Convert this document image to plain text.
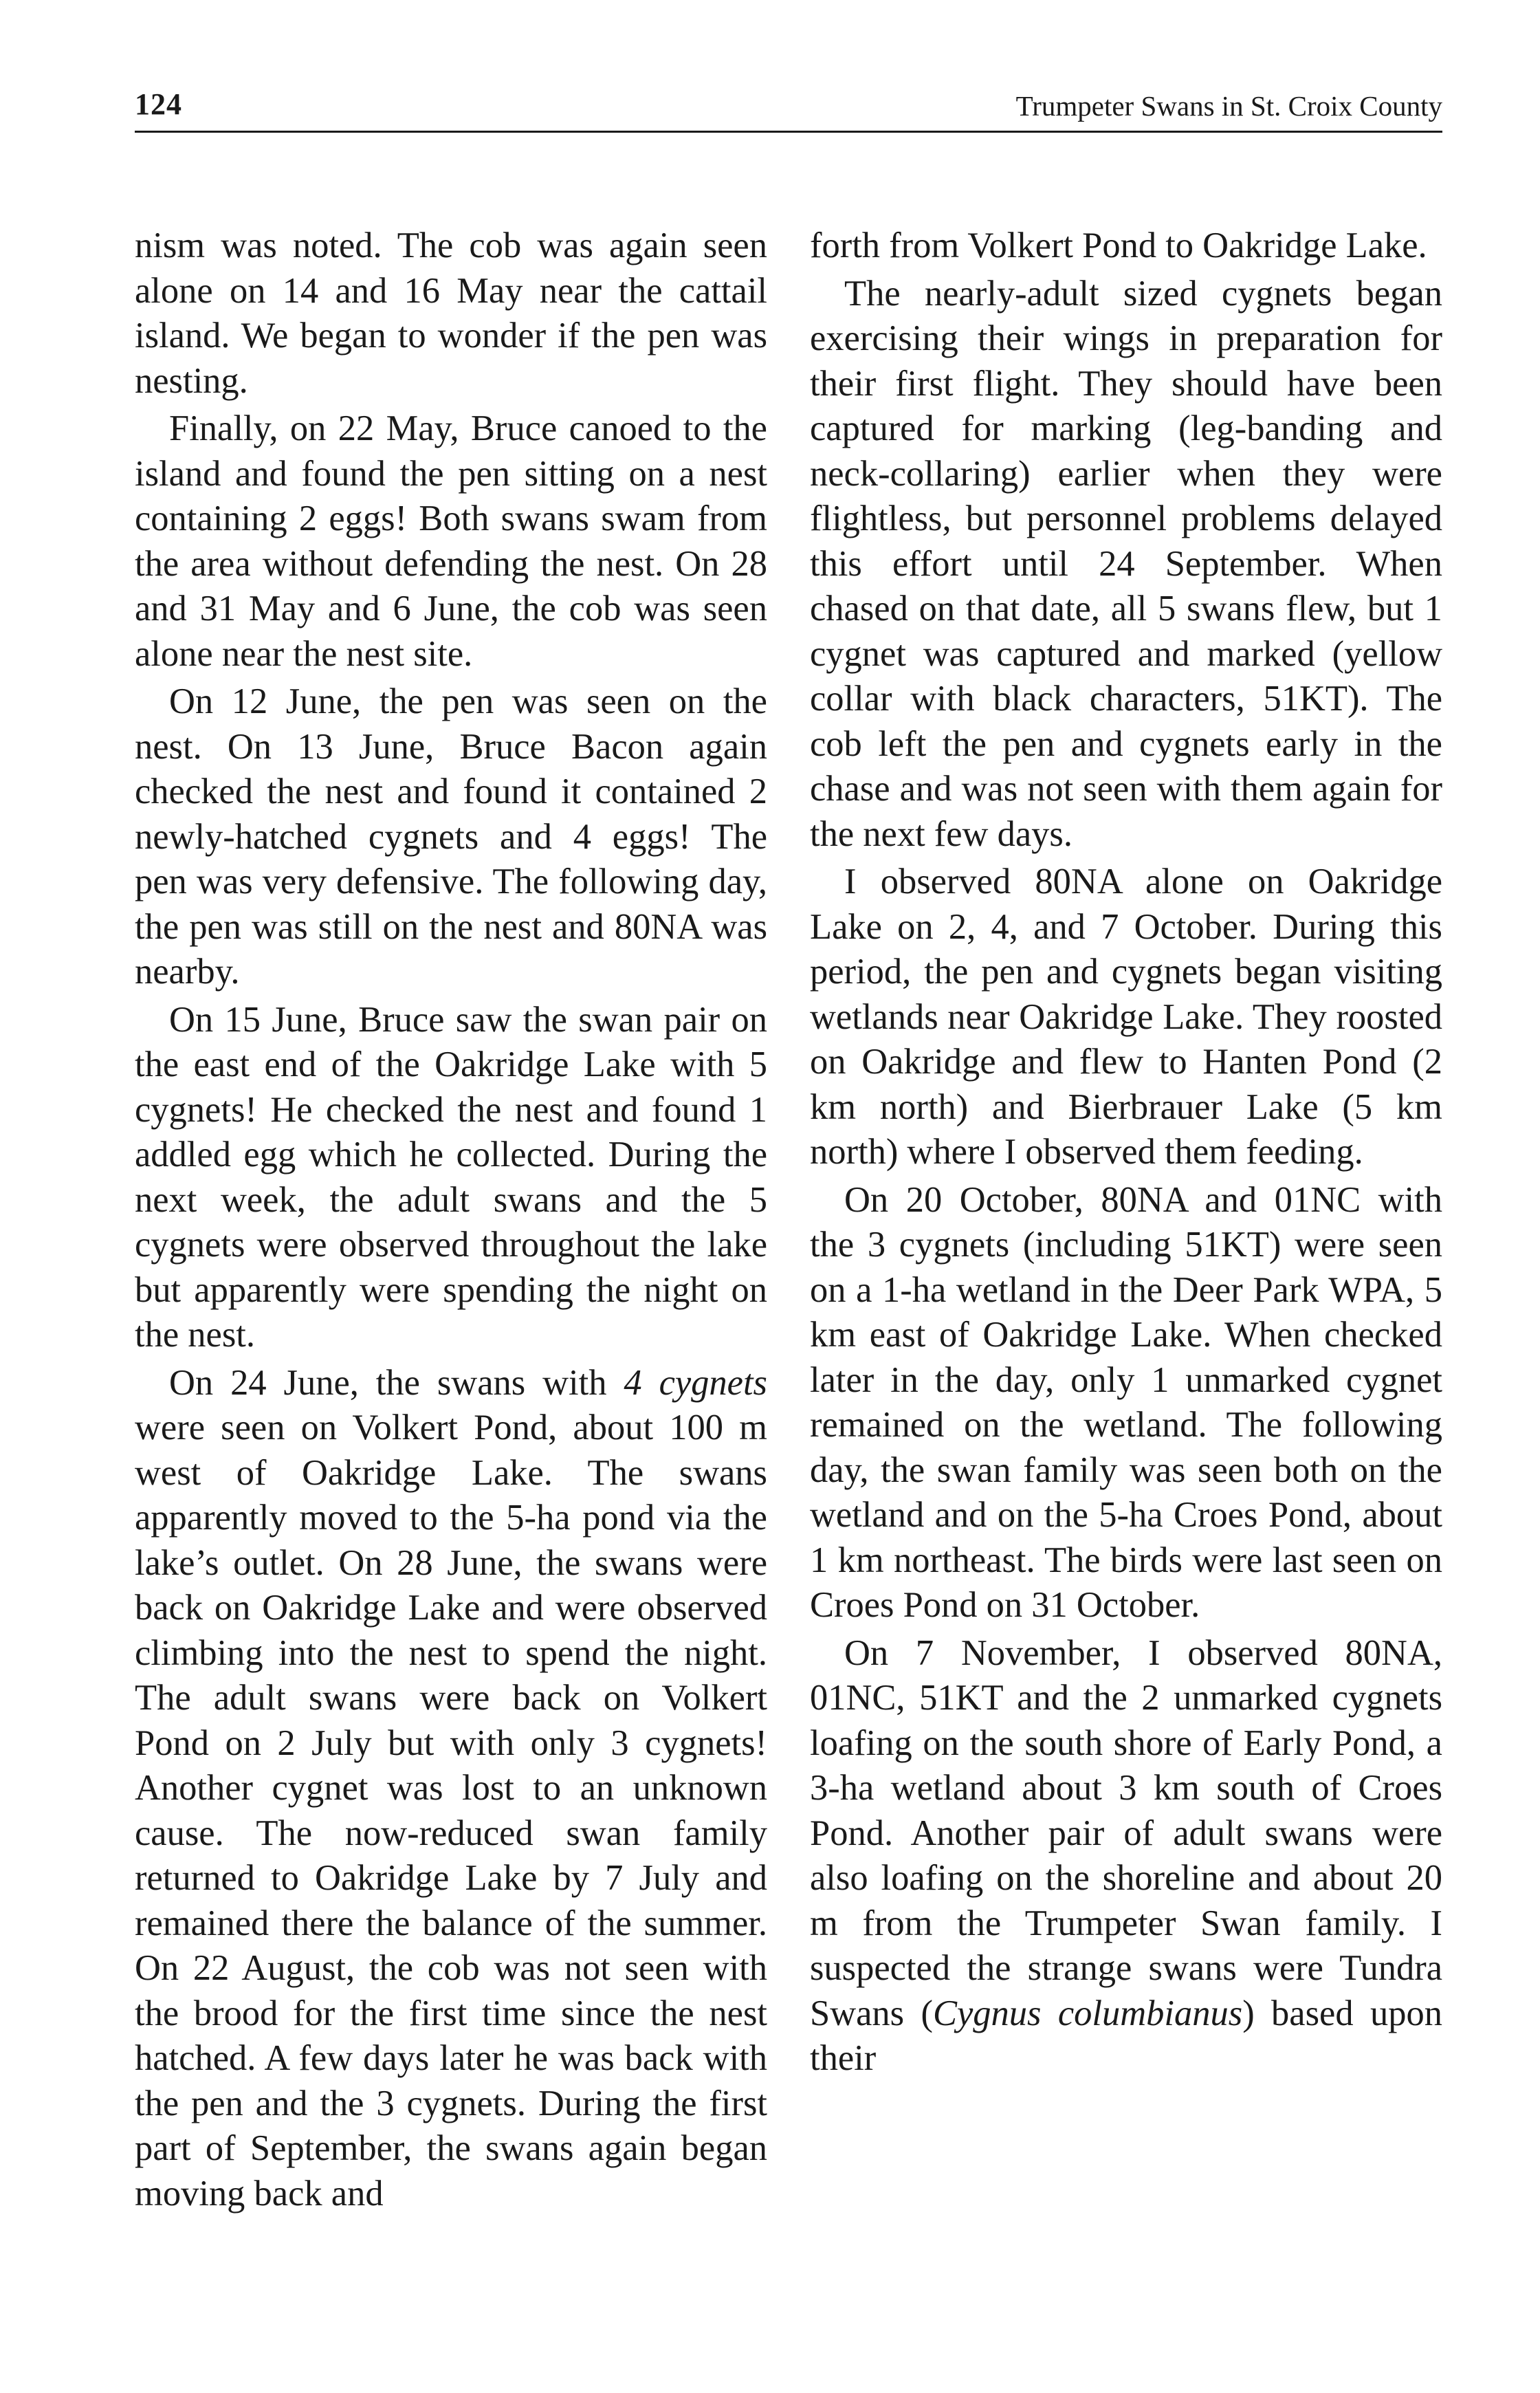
124	Trumpeter Swans in St. Croix County

nism was noted. The cob was again seen alone on 14 and 16 May near the cattail island. We began to wonder if the pen was nesting.

Finally, on 22 May, Bruce canoed to the island and found the pen sitting on a nest containing 2 eggs! Both swans swam from the area without defending the nest. On 28 and 31 May and 6 June, the cob was seen alone near the nest site.

On 12 June, the pen was seen on the nest. On 13 June, Bruce Bacon again checked the nest and found it contained 2 newly-hatched cygnets and 4 eggs! The pen was very defensive. The following day, the pen was still on the nest and 80NA was nearby.

On 15 June, Bruce saw the swan pair on the east end of the Oakridge Lake with 5 cygnets! He checked the nest and found 1 addled egg which he collected. During the next week, the adult swans and the 5 cygnets were observed throughout the lake but apparently were spending the night on the nest.

On 24 June, the swans with 4 cygnets were seen on Volkert Pond, about 100 m west of Oakridge Lake. The swans apparently moved to the 5-ha pond via the lake’s outlet. On 28 June, the swans were back on Oakridge Lake and were observed climbing into the nest to spend the night. The adult swans were back on Volkert Pond on 2 July but with only 3 cygnets! Another cygnet was lost to an unknown cause. The now-reduced swan family returned to Oakridge Lake by 7 July and remained there the balance of the summer. On 22 August, the cob was not seen with the brood for the first time since the nest hatched. A few days later he was back with the pen and the 3 cygnets. During the first part of September, the swans again began moving back and

forth from Volkert Pond to Oakridge Lake.

The nearly-adult sized cygnets began exercising their wings in preparation for their first flight. They should have been captured for marking (leg-banding and neck-collaring) earlier when they were flightless, but personnel problems delayed this effort until 24 September. When chased on that date, all 5 swans flew, but 1 cygnet was captured and marked (yellow collar with black characters, 51KT). The cob left the pen and cygnets early in the chase and was not seen with them again for the next few days.

I observed 80NA alone on Oakridge Lake on 2, 4, and 7 October. During this period, the pen and cygnets began visiting wetlands near Oakridge Lake. They roosted on Oakridge and flew to Hanten Pond (2 km north) and Bierbrauer Lake (5 km north) where I observed them feeding.

On 20 October, 80NA and 01NC with the 3 cygnets (including 51KT) were seen on a 1-ha wetland in the Deer Park WPA, 5 km east of Oakridge Lake. When checked later in the day, only 1 unmarked cygnet remained on the wetland. The following day, the swan family was seen both on the wetland and on the 5-ha Croes Pond, about 1 km northeast. The birds were last seen on Croes Pond on 31 October.

On 7 November, I observed 80NA, 01NC, 51KT and the 2 unmarked cygnets loafing on the south shore of Early Pond, a 3-ha wetland about 3 km south of Croes Pond. Another pair of adult swans were also loafing on the shoreline and about 20 m from the Trumpeter Swan family. I suspected the strange swans were Tundra Swans (Cygnus columbianus) based upon their
